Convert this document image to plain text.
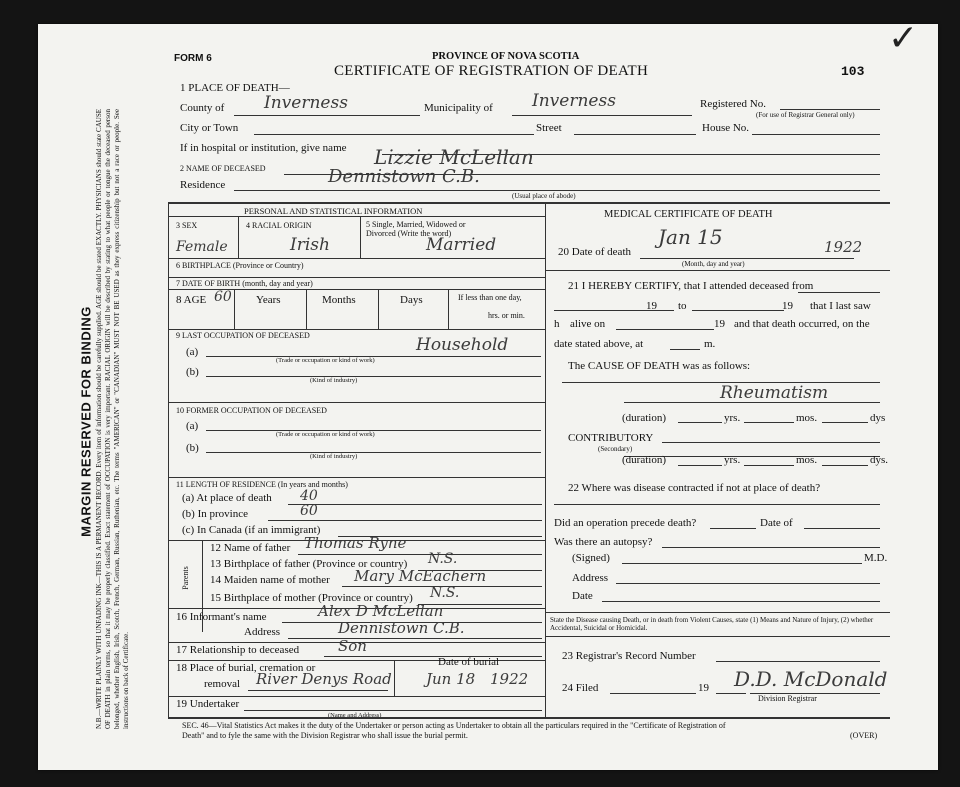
MARGIN RESERVED FOR BINDING N.B.—WRITE PLAINLY WITH UNFADING INK—THIS IS A PERMANENT RECORD. Every item of information should be carefully supplied. AGE should be stated EXACTLY. PHYSICIANS should state CAUSE OF DEATH in plain terms, so that it may be properly classified. Exact statement of OCCUPATION is very important. RACIAL ORIGIN will be described by stating to what people or tongue the deceased person belonged, whether English, Irish, Scotch, French, German, Russian, Ruthenian, etc. The terms "AMERICAN" or "CANADIAN" MUST NOT BE USED as they express citizenship but not a race or people. See instructions on back of Certificate.
FORM 6	PROVINCE OF NOVA SCOTIA
CERTIFICATE OF REGISTRATION OF DEATH	103
✓
1 PLACE OF DEATH—
County of Inverness	Municipality of Inverness	Registered No.
(For use of Registrar General only)
City or Town	Street	House No.
If in hospital or institution, give name
2 NAME OF DECEASED	Lizzie McLellan
Residence	Dennistown C.B.
(Usual place of abode)
PERSONAL AND STATISTICAL INFORMATION
3 SEX
Female
4 RACIAL ORIGIN
Irish
5 Single, Married, Widowed or
Divorced (Write the word)
Married
6 BIRTHPLACE (Province or Country)
7 DATE OF BIRTH (month, day and year)
8 AGE 60 Years	Months	Days	If less than one day,
hrs. or min.
9 LAST OCCUPATION OF DECEASED
(a)	Household
(Trade or occupation or kind of work)
(b)
(Kind of industry)
10 FORMER OCCUPATION OF DECEASED
(a)
(Trade or occupation or kind of work)
(b)
(Kind of industry)
11 LENGTH OF RESIDENCE (In years and months)
(a) At place of death 40
(b) In province	60
(c) In Canada (if an immigrant)
Parents
12 Name of father Thomas Ryne
13 Birthplace of father (Province or country) N.S.
14 Maiden name of mother Mary McEachern
15 Birthplace of mother (Province or country) N.S.
16 Informant's name	Alex D McLellan
Address	Dennistown C.B.
17 Relationship to deceased	Son
18 Place of burial, cremation or
removal River Denys Road
Date of burial
Jun 18 1922
19 Undertaker
(Name and Address)
MEDICAL CERTIFICATE OF DEATH
20 Date of death
Jan 15	1922
(Month, day and year)
21 I HEREBY CERTIFY, that I attended deceased from
19 to	19 that I last saw
h alive on	19 and that death occurred, on the
date stated above, at	m.
The CAUSE OF DEATH was as follows:
Rheumatism
(duration)	yrs.	mos.	dys
CONTRIBUTORY
(Secondary)
(duration)	yrs.	mos.	dys.
22 Where was disease contracted if not at place of death?
Did an operation precede death?	Date of
Was there an autopsy?
(Signed)	M.D.
Address
Date
State the Disease causing Death, or in death from Violent Causes, state (1) Means and Nature of Injury, (2) whether Accidental, Suicidal or Homicidal.
23 Registrar's Record Number
24 Filed	19 D.D. McDonald
Division Registrar
SEC. 46—Vital Statistics Act makes it the duty of the Undertaker or person acting as Undertaker to obtain all the particulars required in the "Certificate of Registration of
Death" and to fyle the same with the Division Registrar who shall issue the burial permit.	(OVER)
